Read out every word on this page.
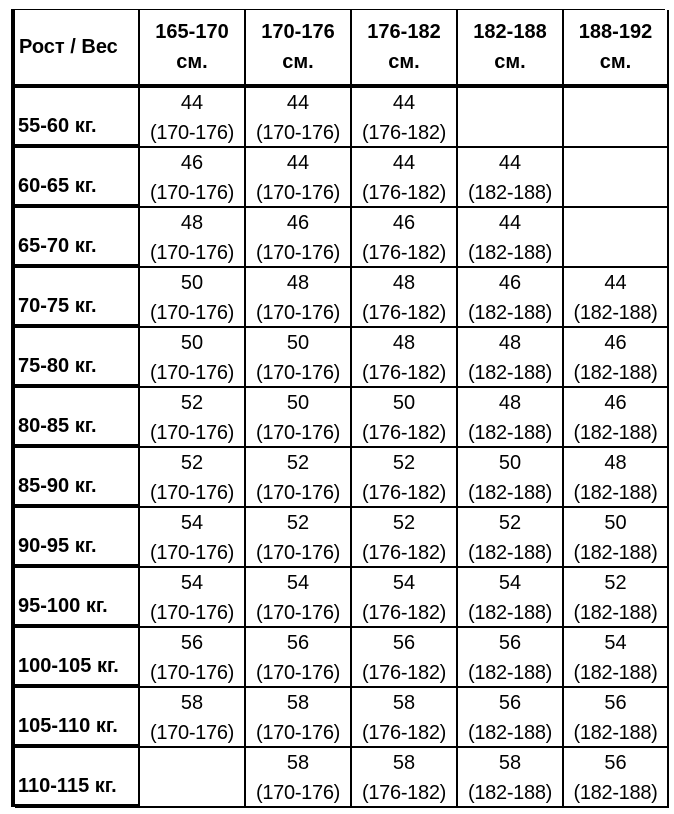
Рост / Вес
165-170
см.
170-176
см.
176-182
см.
182-188
см.
188-192
см.
55-60 кг.
44
(170-176)
44
(170-176)
44
(176-182)
60-65 кг.
46
(170-176)
44
(170-176)
44
(176-182)
44
(182-188)
65-70 кг.
48
(170-176)
46
(170-176)
46
(176-182)
44
(182-188)
70-75 кг.
50
(170-176)
48
(170-176)
48
(176-182)
46
(182-188)
44
(182-188)
75-80 кг.
50
(170-176)
50
(170-176)
48
(176-182)
48
(182-188)
46
(182-188)
80-85 кг.
52
(170-176)
50
(170-176)
50
(176-182)
48
(182-188)
46
(182-188)
85-90 кг.
52
(170-176)
52
(170-176)
52
(176-182)
50
(182-188)
48
(182-188)
90-95 кг.
54
(170-176)
52
(170-176)
52
(176-182)
52
(182-188)
50
(182-188)
95-100 кг.
54
(170-176)
54
(170-176)
54
(176-182)
54
(182-188)
52
(182-188)
100-105 кг.
56
(170-176)
56
(170-176)
56
(176-182)
56
(182-188)
54
(182-188)
105-110 кг.
58
(170-176)
58
(170-176)
58
(176-182)
56
(182-188)
56
(182-188)
110-115 кг.
58
(170-176)
58
(176-182)
58
(182-188)
56
(182-188)
